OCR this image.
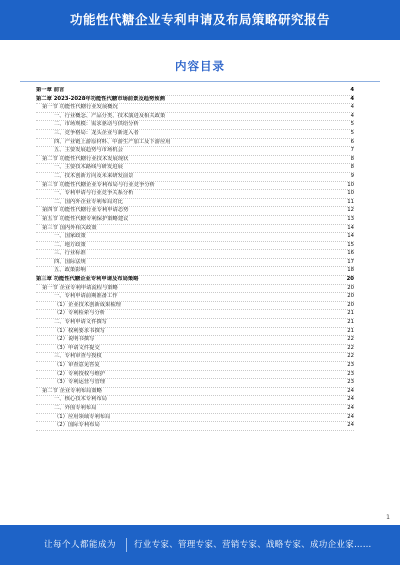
功能性代糖企业专利申请及布局策略研究报告
内容目录
第一章 前言	4
第二章 2023-2028年功能性代糖市场前景及趋势预测	4
第一节 功能性代糖行业发展概况	4
一、行业概念、产品分类、技术演进及相关政策	4
二、市场规模：需求驱动与供给分析	5
三、竞争格局：龙头企业与新进入者	5
四、产业链上游原材料、中游生产加工及下游应用	6
五、主要发展趋势与市场机会	7
第二节 功能性代糖行业技术发展现状	8
一、主要技术路线与研发进展	8
二、技术创新方向及未来研发前景	9
第三节 功能性代糖企业专利布局与行业竞争分析	10
一、专利申请与行业竞争关系分析	10
二、国内外企业专利布局对比	11
第四节 功能性代糖行业专利申请态势	12
第五节 功能性代糖专利保护策略建议	13
第三节 国内外相关政策	14
一、国家政策	14
二、地方政策	15
三、行业标准	16
四、国际法规	17
五、政策影响	18
第三章 功能性代糖企业专利申请及布局策略	20
第一节 企业专利申请流程与策略	20
一、专利申请前期准备工作	20
（1）企业技术创新成果梳理	20
（2）专利检索与分析	21
二、专利申请文件撰写	21
（1）权利要求书撰写	21
（2）说明书撰写	22
（3）申请文件提交	22
三、专利审查与授权	22
（1）审查意见答复	23
（2）专利授权与维护	23
（3）专利运营与管理	23
第二节 企业专利布局策略	24
一、核心技术专利布局	24
二、外围专利布局	24
（1）应用领域专利布局	24
（2）国际专利布局	24
1
让每个人都能成为 行业专家、管理专家、营销专家、战略专家、成功企业家……
